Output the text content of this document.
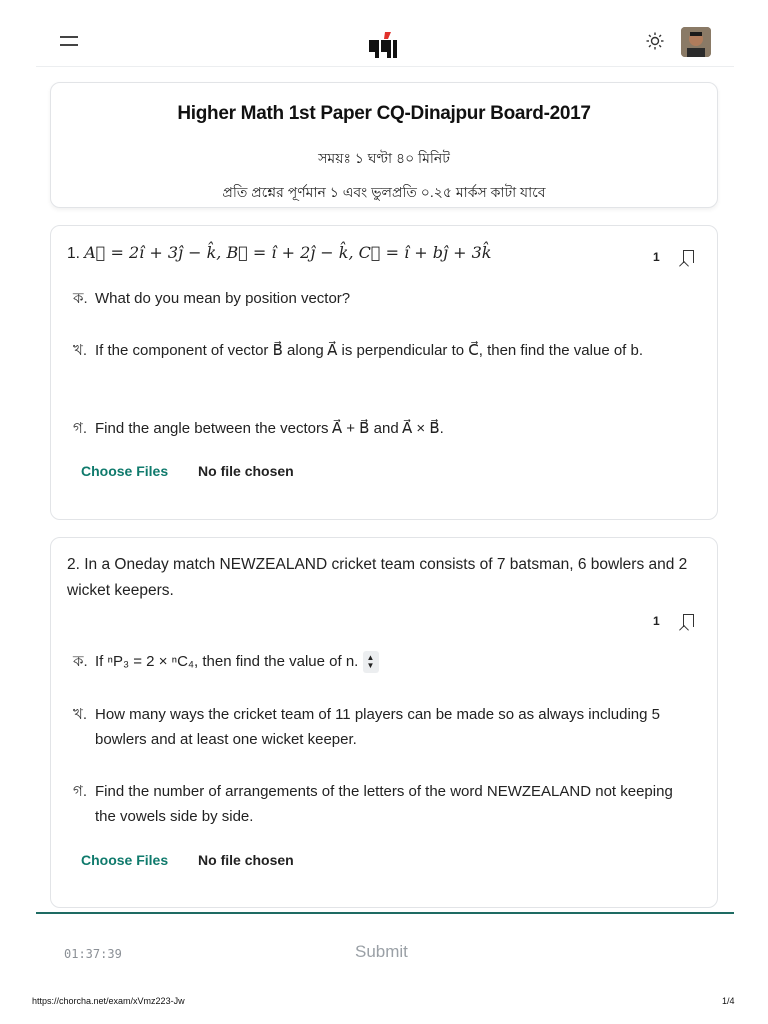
Higher Math 1st Paper CQ-Dinajpur Board-2017
সময়ঃ ১ ঘণ্টা ৪০ মিনিট
প্রতি প্রশ্নের পূর্ণমান ১ এবং ভুলপ্রতি ০.২৫ মার্কস কাটা যাবে
1. A⃗ = 2î + 3ĵ − k̂, B⃗ = î + 2ĵ − k̂, C⃗ = î + bĵ + 3k̂	1
ক. What do you mean by position vector?
খ. If the component of vector B⃗ along A⃗ is perpendicular to C⃗, then find the value of b.
গ. Find the angle between the vectors A⃗ + B⃗ and A⃗ × B⃗.
Choose Files No file chosen
2. In a Oneday match NEWZEALAND cricket team consists of 7 batsman, 6 bowlers and 2 wicket keepers.
1
ক. If ⁿP₃ = 2 × ⁿC₄, then find the value of n. ▲
▼
খ. How many ways the cricket team of 11 players can be made so as always including 5 bowlers and at least one wicket keeper.
গ. Find the number of arrangements of the letters of the word NEWZEALAND not keeping the vowels side by side.
Choose Files No file chosen
01:37:39	Submit
https://chorcha.net/exam/xVmz223-Jw	1/4
